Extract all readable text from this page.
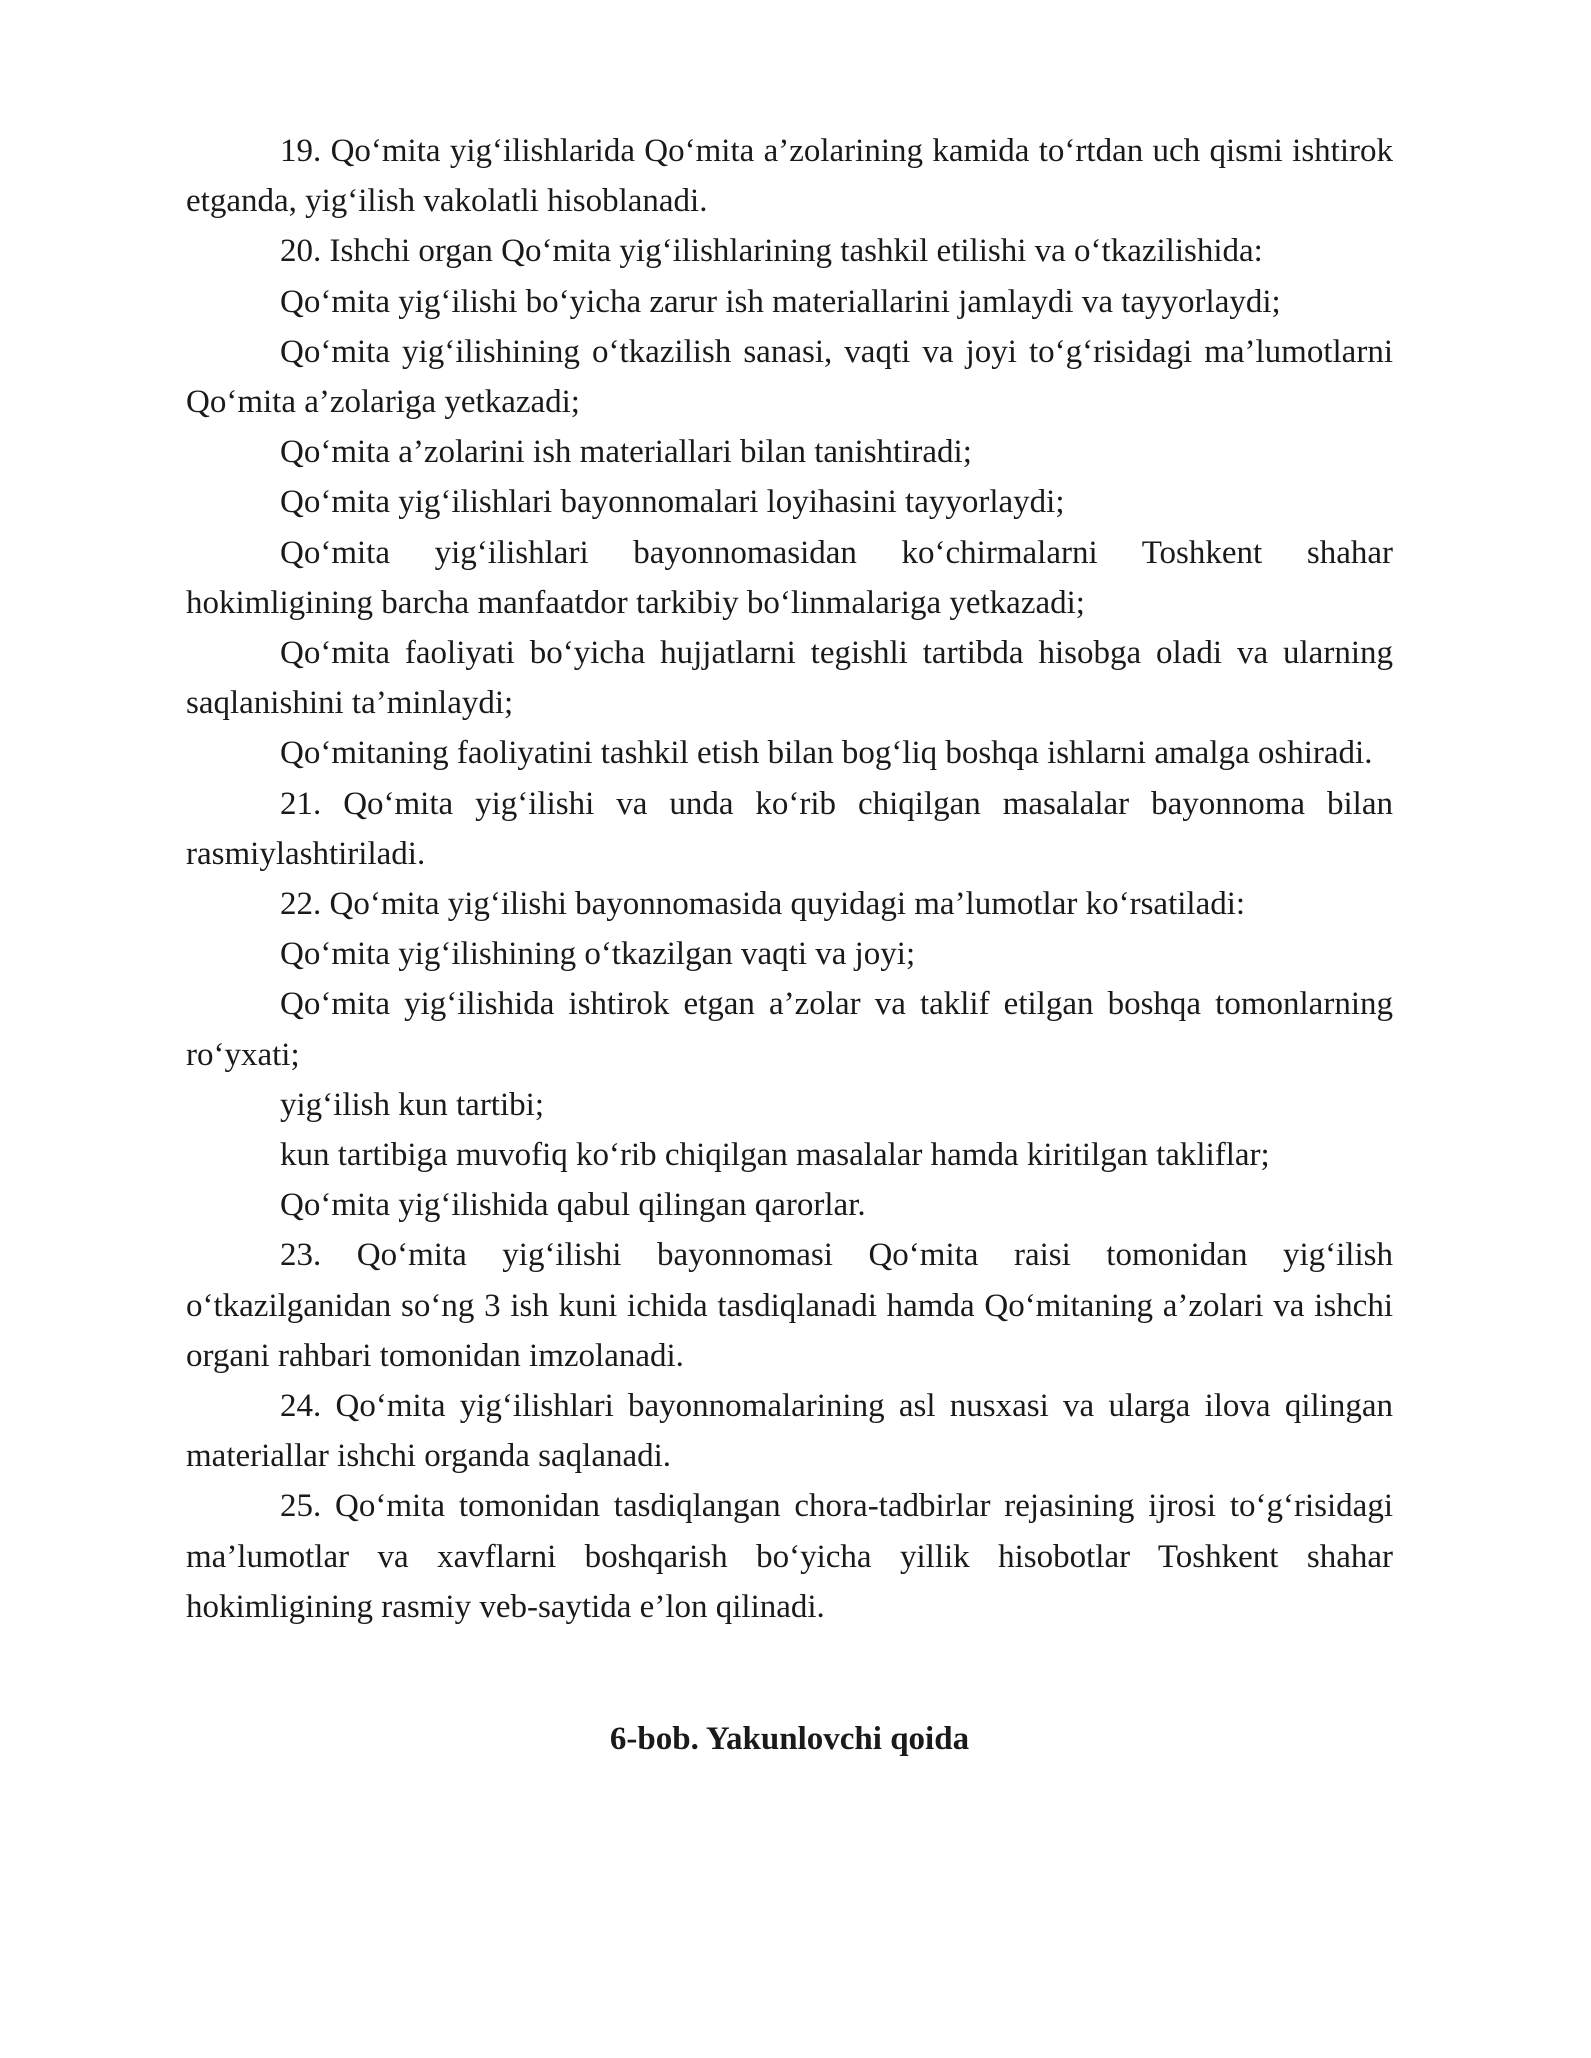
19. Qo‘mita yig‘ilishlarida Qo‘mita a’zolarining kamida to‘rtdan uch qismi ishtirok etganda, yig‘ilish vakolatli hisoblanadi.

20. Ishchi organ Qo‘mita yig‘ilishlarining tashkil etilishi va o‘tkazilishida:

Qo‘mita yig‘ilishi bo‘yicha zarur ish materiallarini jamlaydi va tayyorlaydi;

Qo‘mita yig‘ilishining o‘tkazilish sanasi, vaqti va joyi to‘g‘risidagi ma’lumotlarni Qo‘mita a’zolariga yetkazadi;

Qo‘mita a’zolarini ish materiallari bilan tanishtiradi;

Qo‘mita yig‘ilishlari bayonnomalari loyihasini tayyorlaydi;

Qo‘mita yig‘ilishlari bayonnomasidan ko‘chirmalarni Toshkent shahar hokimligining barcha manfaatdor tarkibiy bo‘linmalariga yetkazadi;

Qo‘mita faoliyati bo‘yicha hujjatlarni tegishli tartibda hisobga oladi va ularning saqlanishini ta’minlaydi;

Qo‘mitaning faoliyatini tashkil etish bilan bog‘liq boshqa ishlarni amalga oshiradi.

21. Qo‘mita yig‘ilishi va unda ko‘rib chiqilgan masalalar bayonnoma bilan rasmiylashtiriladi.

22. Qo‘mita yig‘ilishi bayonnomasida quyidagi ma’lumotlar ko‘rsatiladi:

Qo‘mita yig‘ilishining o‘tkazilgan vaqti va joyi;

Qo‘mita yig‘ilishida ishtirok etgan a’zolar va taklif etilgan boshqa tomonlarning ro‘yxati;

yig‘ilish kun tartibi;

kun tartibiga muvofiq ko‘rib chiqilgan masalalar hamda kiritilgan takliflar;

Qo‘mita yig‘ilishida qabul qilingan qarorlar.

23. Qo‘mita yig‘ilishi bayonnomasi Qo‘mita raisi tomonidan yig‘ilish o‘tkazilganidan so‘ng 3 ish kuni ichida tasdiqlanadi hamda Qo‘mitaning a’zolari va ishchi organi rahbari tomonidan imzolanadi.

24. Qo‘mita yig‘ilishlari bayonnomalarining asl nusxasi va ularga ilova qilingan materiallar ishchi organda saqlanadi.

25. Qo‘mita tomonidan tasdiqlangan chora-tadbirlar rejasining ijrosi to‘g‘risidagi ma’lumotlar va xavflarni boshqarish bo‘yicha yillik hisobotlar Toshkent shahar hokimligining rasmiy veb-saytida e’lon qilinadi.

6-bob. Yakunlovchi qoida
